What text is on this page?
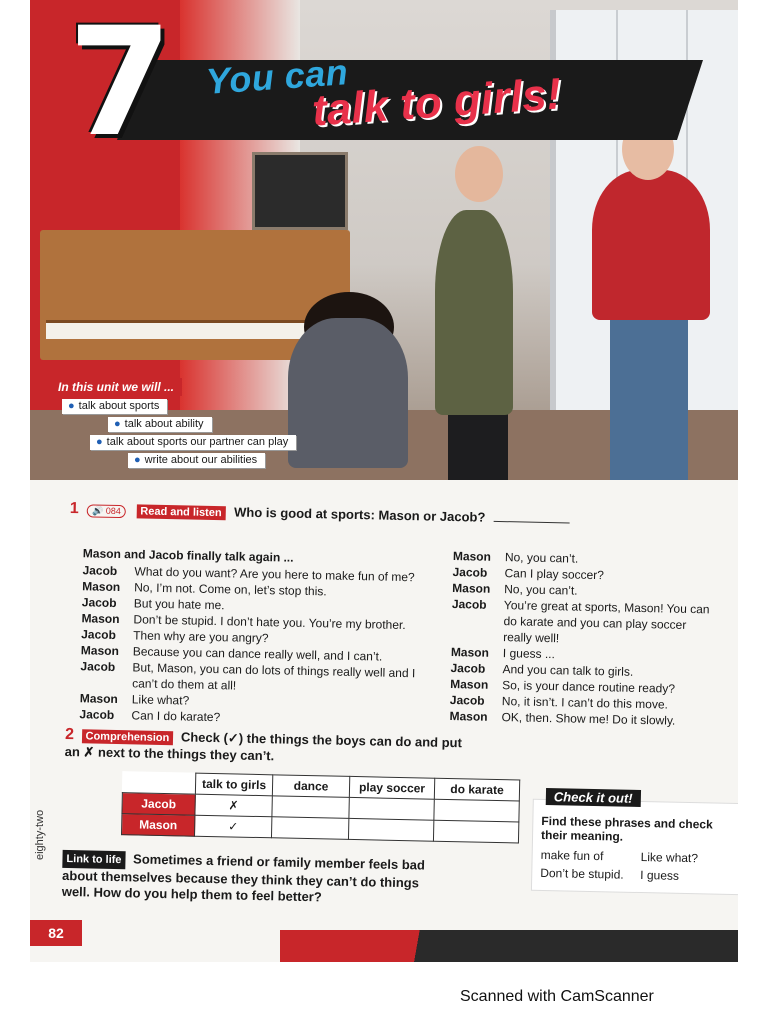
7 You can
talk to girls!
In this unit we will ...
● talk about sports
● talk about ability
● talk about sports our partner can play
● write about our abilities
1 🔊 084 Read and listen Who is good at sports: Mason or Jacob?
Mason and Jacob finally talk again ...
Jacob	What do you want? Are you here to make fun of me?
Mason	No, I’m not. Come on, let’s stop this.
Jacob	But you hate me.
Mason	Don’t be stupid. I don’t hate you. You’re my brother.
Jacob	Then why are you angry?
Mason	Because you can dance really well, and I can’t.
Jacob	But, Mason, you can do lots of things really well and I can’t do them at all!
Mason	Like what?
Jacob	Can I do karate?
Mason	No, you can’t.
Jacob	Can I play soccer?
Mason	No, you can’t.
Jacob	You’re great at sports, Mason! You can do karate and you can play soccer really well!
Mason	I guess ...
Jacob	And you can talk to girls.
Mason	So, is your dance routine ready?
Jacob	No, it isn’t. I can’t do this move.
Mason	OK, then. Show me! Do it slowly.
2 Comprehension Check (✓) the things the boys can do and put an ✗ next to the things they can’t.
	talk to girls	dance	play soccer	do karate
Jacob	✗			
Mason	✓			
Link to life Sometimes a friend or family member feels bad about themselves because they think they can’t do things well. How do you help them to feel better?
Check it out!
Find these phrases and check their meaning.
make fun of	Like what?
Don’t be stupid.	I guess
eighty-two
82
Scanned with CamScanner
